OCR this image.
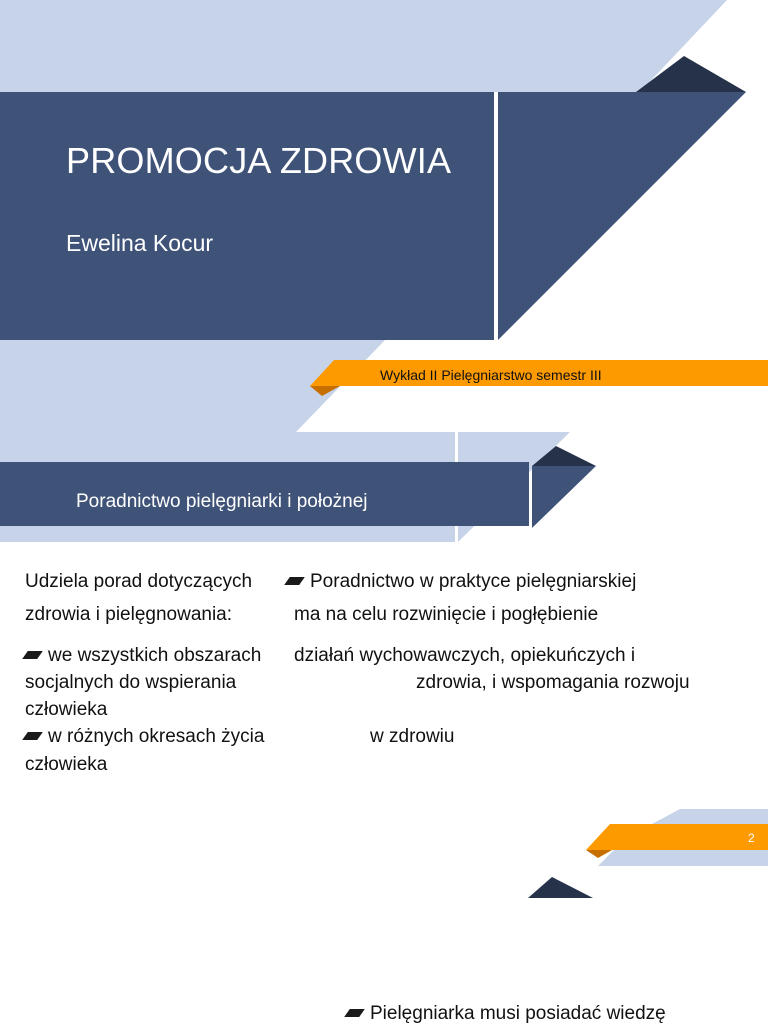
PROMOCJA ZDROWIA
Ewelina Kocur
Wykład II Pielęgniarstwo semestr III
Poradnictwo pielęgniarki i położnej
Udziela porad dotyczących
zdrowia i pielęgnowania:
Poradnictwo w praktyce pielęgniarskiej
ma na celu rozwinięcie i pogłębienie
we wszystkich obszarach działań wychowawczych, opiekuńczych i
socjalnych do wspierania	zdrowia, i wspomagania rozwoju
człowieka
w różnych okresach życia	w zdrowiu
człowieka
2
Pielęgniarka musi posiadać wiedzę
